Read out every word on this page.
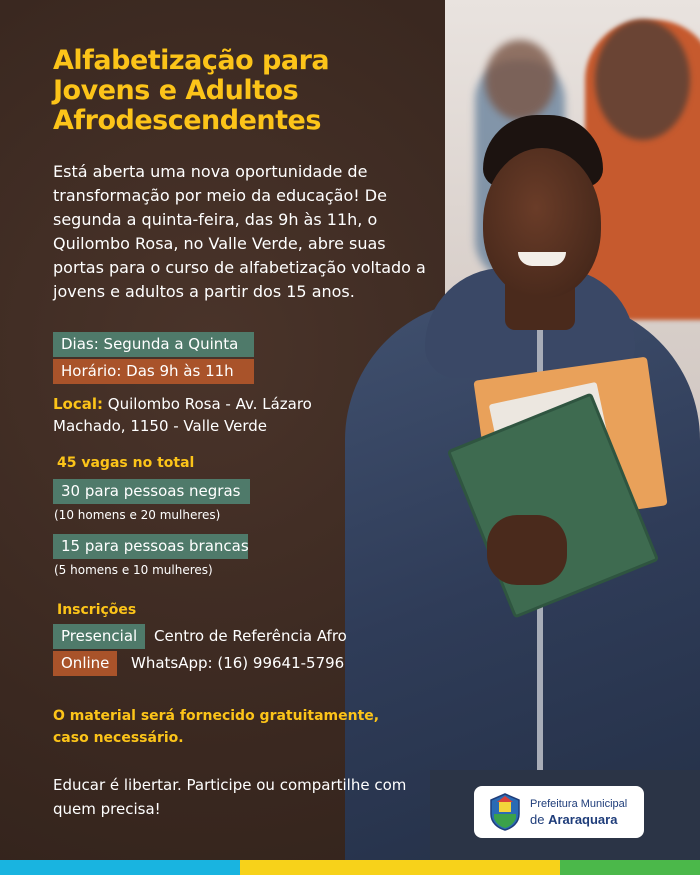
Alfabetização para Jovens e Adultos Afrodescendentes

Está aberta uma nova oportunidade de transformação por meio da educação! De segunda a quinta-feira, das 9h às 11h, o Quilombo Rosa, no Valle Verde, abre suas portas para o curso de alfabetização voltado a jovens e adultos a partir dos 15 anos.

Dias: Segunda a Quinta
Horário: Das 9h às 11h
Local: Quilombo Rosa - Av. Lázaro
Machado, 1150 - Valle Verde
45 vagas no total
30 para pessoas negras
(10 homens e 20 mulheres)
15 para pessoas brancas
(5 homens e 10 mulheres)
Inscrições
Presencial	Centro de Referência Afro
Online	WhatsApp: (16) 99641-5796
O material será fornecido gratuitamente, caso necessário.
Educar é libertar. Participe ou compartilhe com quem precisa!	Prefeitura Municipal
de Araraquara
